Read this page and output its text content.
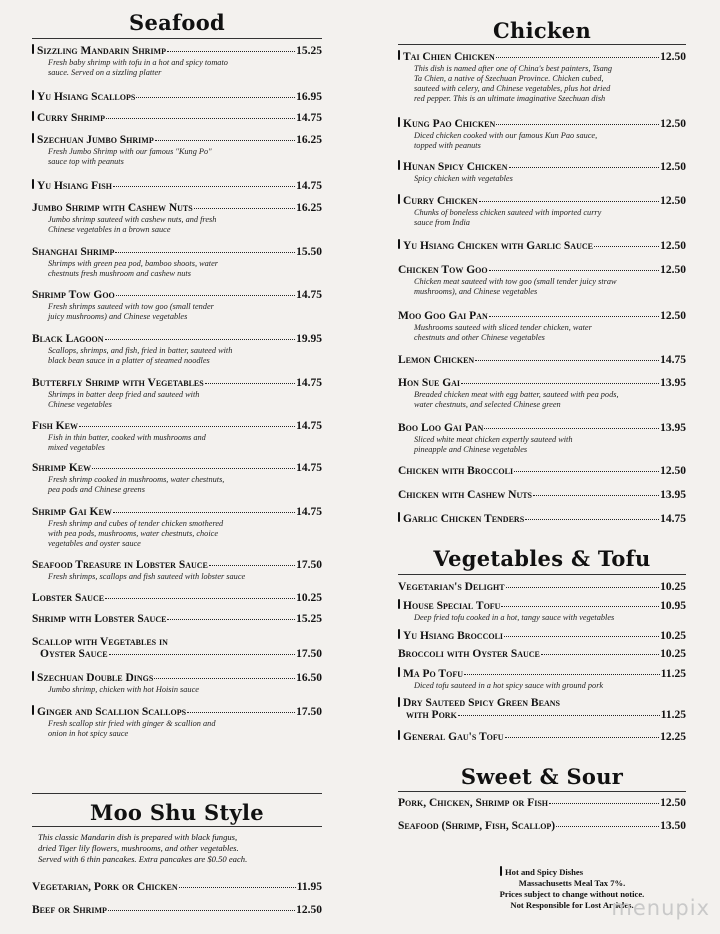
Seafood
Sizzling Mandarin Shrimp	15.25
Fresh baby shrimp with tofu in a hot and spicy tomato
sauce. Served on a sizzling platter
Yu Hsiang Scallops	16.95
Curry Shrimp	14.75
Szechuan Jumbo Shrimp	16.25
Fresh Jumbo Shrimp with our famous "Kung Po"
sauce top with peanuts
Yu Hsiang Fish	14.75
Jumbo Shrimp with Cashew Nuts	16.25
Jumbo shrimp sauteed with cashew nuts, and fresh
Chinese vegetables in a brown sauce
Shanghai Shrimp	15.50
Shrimps with green pea pod, bamboo shoots, water
chestnuts fresh mushroom and cashew nuts
Shrimp Tow Goo	14.75
Fresh shrimps sauteed with tow goo (small tender
juicy mushrooms) and Chinese vegetables
Black Lagoon	19.95
Scallops, shrimps, and fish, fried in batter, sauteed with
black bean sauce in a platter of steamed noodles
Butterfly Shrimp with Vegetables	14.75
Shrimps in batter deep fried and sauteed with
Chinese vegetables
Fish Kew	14.75
Fish in thin batter, cooked with mushrooms and
mixed vegetables
Shrimp Kew	14.75
Fresh shrimp cooked in mushrooms, water chestnuts,
pea pods and Chinese greens
Shrimp Gai Kew	14.75
Fresh shrimp and cubes of tender chicken smothered
with pea pods, mushrooms, water chestnuts, choice
vegetables and oyster sauce
Seafood Treasure in Lobster Sauce	17.50
Fresh shrimps, scallops and fish sauteed with lobster sauce
Lobster Sauce	10.25
Shrimp with Lobster Sauce	15.25
Scallop with Vegetables in
Oyster Sauce	17.50
Szechuan Double Dings	16.50
Jumbo shrimp, chicken with hot Hoisin sauce
Ginger and Scallion Scallops	17.50
Fresh scallop stir fried with ginger & scallion and
onion in hot spicy sauce
Moo Shu Style
This classic Mandarin dish is prepared with black fungus,
dried Tiger lily flowers, mushrooms, and other vegetables.
Served with 6 thin pancakes. Extra pancakes are $0.50 each.
Vegetarian, Pork or Chicken	11.95
Beef or Shrimp	12.50
Chicken
Tai Chien Chicken	12.50
This dish is named after one of China's best painters, Tsang
Ta Chien, a native of Szechuan Province. Chicken cubed,
sauteed with celery, and Chinese vegetables, plus hot dried
red pepper. This is an ultimate imaginative Szechuan dish
Kung Pao Chicken	12.50
Diced chicken cooked with our famous Kun Pao sauce,
topped with peanuts
Hunan Spicy Chicken	12.50
Spicy chicken with vegetables
Curry Chicken	12.50
Chunks of boneless chicken sauteed with imported curry
sauce from India
Yu Hsiang Chicken with Garlic Sauce	12.50
Chicken Tow Goo	12.50
Chicken meat sauteed with tow goo (small tender juicy straw
mushrooms), and Chinese vegetables
Moo Goo Gai Pan	12.50
Mushrooms sauteed with sliced tender chicken, water
chestnuts and other Chinese vegetables
Lemon Chicken	14.75
Hon Sue Gai	13.95
Breaded chicken meat with egg batter, sauteed with pea pods,
water chestnuts, and selected Chinese green
Boo Loo Gai Pan	13.95
Sliced white meat chicken expertly sauteed with
pineapple and Chinese vegetables
Chicken with Broccoli	12.50
Chicken with Cashew Nuts	13.95
Garlic Chicken Tenders	14.75
Vegetables & Tofu
Vegetarian's Delight	10.25
House Special Tofu	10.95
Deep fried tofu cooked in a hot, tangy sauce with vegetables
Yu Hsiang Broccoli	10.25
Broccoli with Oyster Sauce	10.25
Ma Po Tofu	11.25
Diced tofu sauteed in a hot spicy sauce with ground pork
Dry Sauteed Spicy Green Beans
with Pork	11.25
General Gau's Tofu	12.25
Sweet & Sour
Pork, Chicken, Shrimp or Fish	12.50
Seafood (Shrimp, Fish, Scallop)	13.50
Hot and Spicy Dishes
Massachusetts Meal Tax 7%.
Prices subject to change without notice.
Not Responsible for Lost Articles.
menupix
